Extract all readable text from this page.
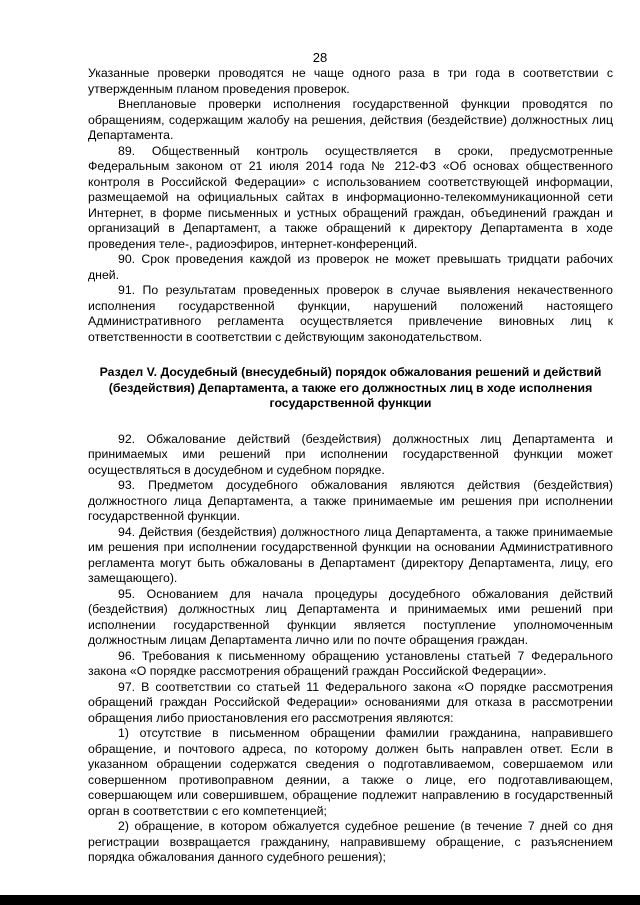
28

Указанные проверки проводятся не чаще одного раза в три года в соответствии с утвержденным планом проведения проверок.

Внеплановые проверки исполнения государственной функции проводятся по обращениям, содержащим жалобу на решения, действия (бездействие) должностных лиц Департамента.

89. Общественный контроль осуществляется в сроки, предусмотренные Федеральным законом от 21 июля 2014 года № 212-ФЗ «Об основах общественного контроля в Российской Федерации» с использованием соответствующей информации, размещаемой на официальных сайтах в информационно-телекоммуникационной сети Интернет, в форме письменных и устных обращений граждан, объединений граждан и организаций в Департамент, а также обращений к директору Департамента в ходе проведения теле-, радиоэфиров, интернет-конференций.

90. Срок проведения каждой из проверок не может превышать тридцати рабочих дней.

91. По результатам проведенных проверок в случае выявления некачественного исполнения государственной функции, нарушений положений настоящего Административного регламента осуществляется привлечение виновных лиц к ответственности в соответствии с действующим законодательством.

Раздел V. Досудебный (внесудебный) порядок обжалования решений и действий (бездействия) Департамента, а также его должностных лиц в ходе исполнения государственной функции

92. Обжалование действий (бездействия) должностных лиц Департамента и принимаемых ими решений при исполнении государственной функции может осуществляться в досудебном и судебном порядке.

93. Предметом досудебного обжалования являются действия (бездействия) должностного лица Департамента, а также принимаемые им решения при исполнении государственной функции.

94. Действия (бездействия) должностного лица Департамента, а также принимаемые им решения при исполнении государственной функции на основании Административного регламента могут быть обжалованы в Департамент (директору Департамента, лицу, его замещающего).

95. Основанием для начала процедуры досудебного обжалования действий (бездействия) должностных лиц Департамента и принимаемых ими решений при исполнении государственной функции является поступление уполномоченным должностным лицам Департамента лично или по почте обращения граждан.

96. Требования к письменному обращению установлены статьей 7 Федерального закона «О порядке рассмотрения обращений граждан Российской Федерации».

97. В соответствии со статьей 11 Федерального закона «О порядке рассмотрения обращений граждан Российской Федерации» основаниями для отказа в рассмотрении обращения либо приостановления его рассмотрения являются:

1) отсутствие в письменном обращении фамилии гражданина, направившего обращение, и почтового адреса, по которому должен быть направлен ответ. Если в указанном обращении содержатся сведения о подготавливаемом, совершаемом или совершенном противоправном деянии, а также о лице, его подготавливающем, совершающем или совершившем, обращение подлежит направлению в государственный орган в соответствии с его компетенцией;

2) обращение, в котором обжалуется судебное решение (в течение 7 дней со дня регистрации возвращается гражданину, направившему обращение, с разъяснением порядка обжалования данного судебного решения);
